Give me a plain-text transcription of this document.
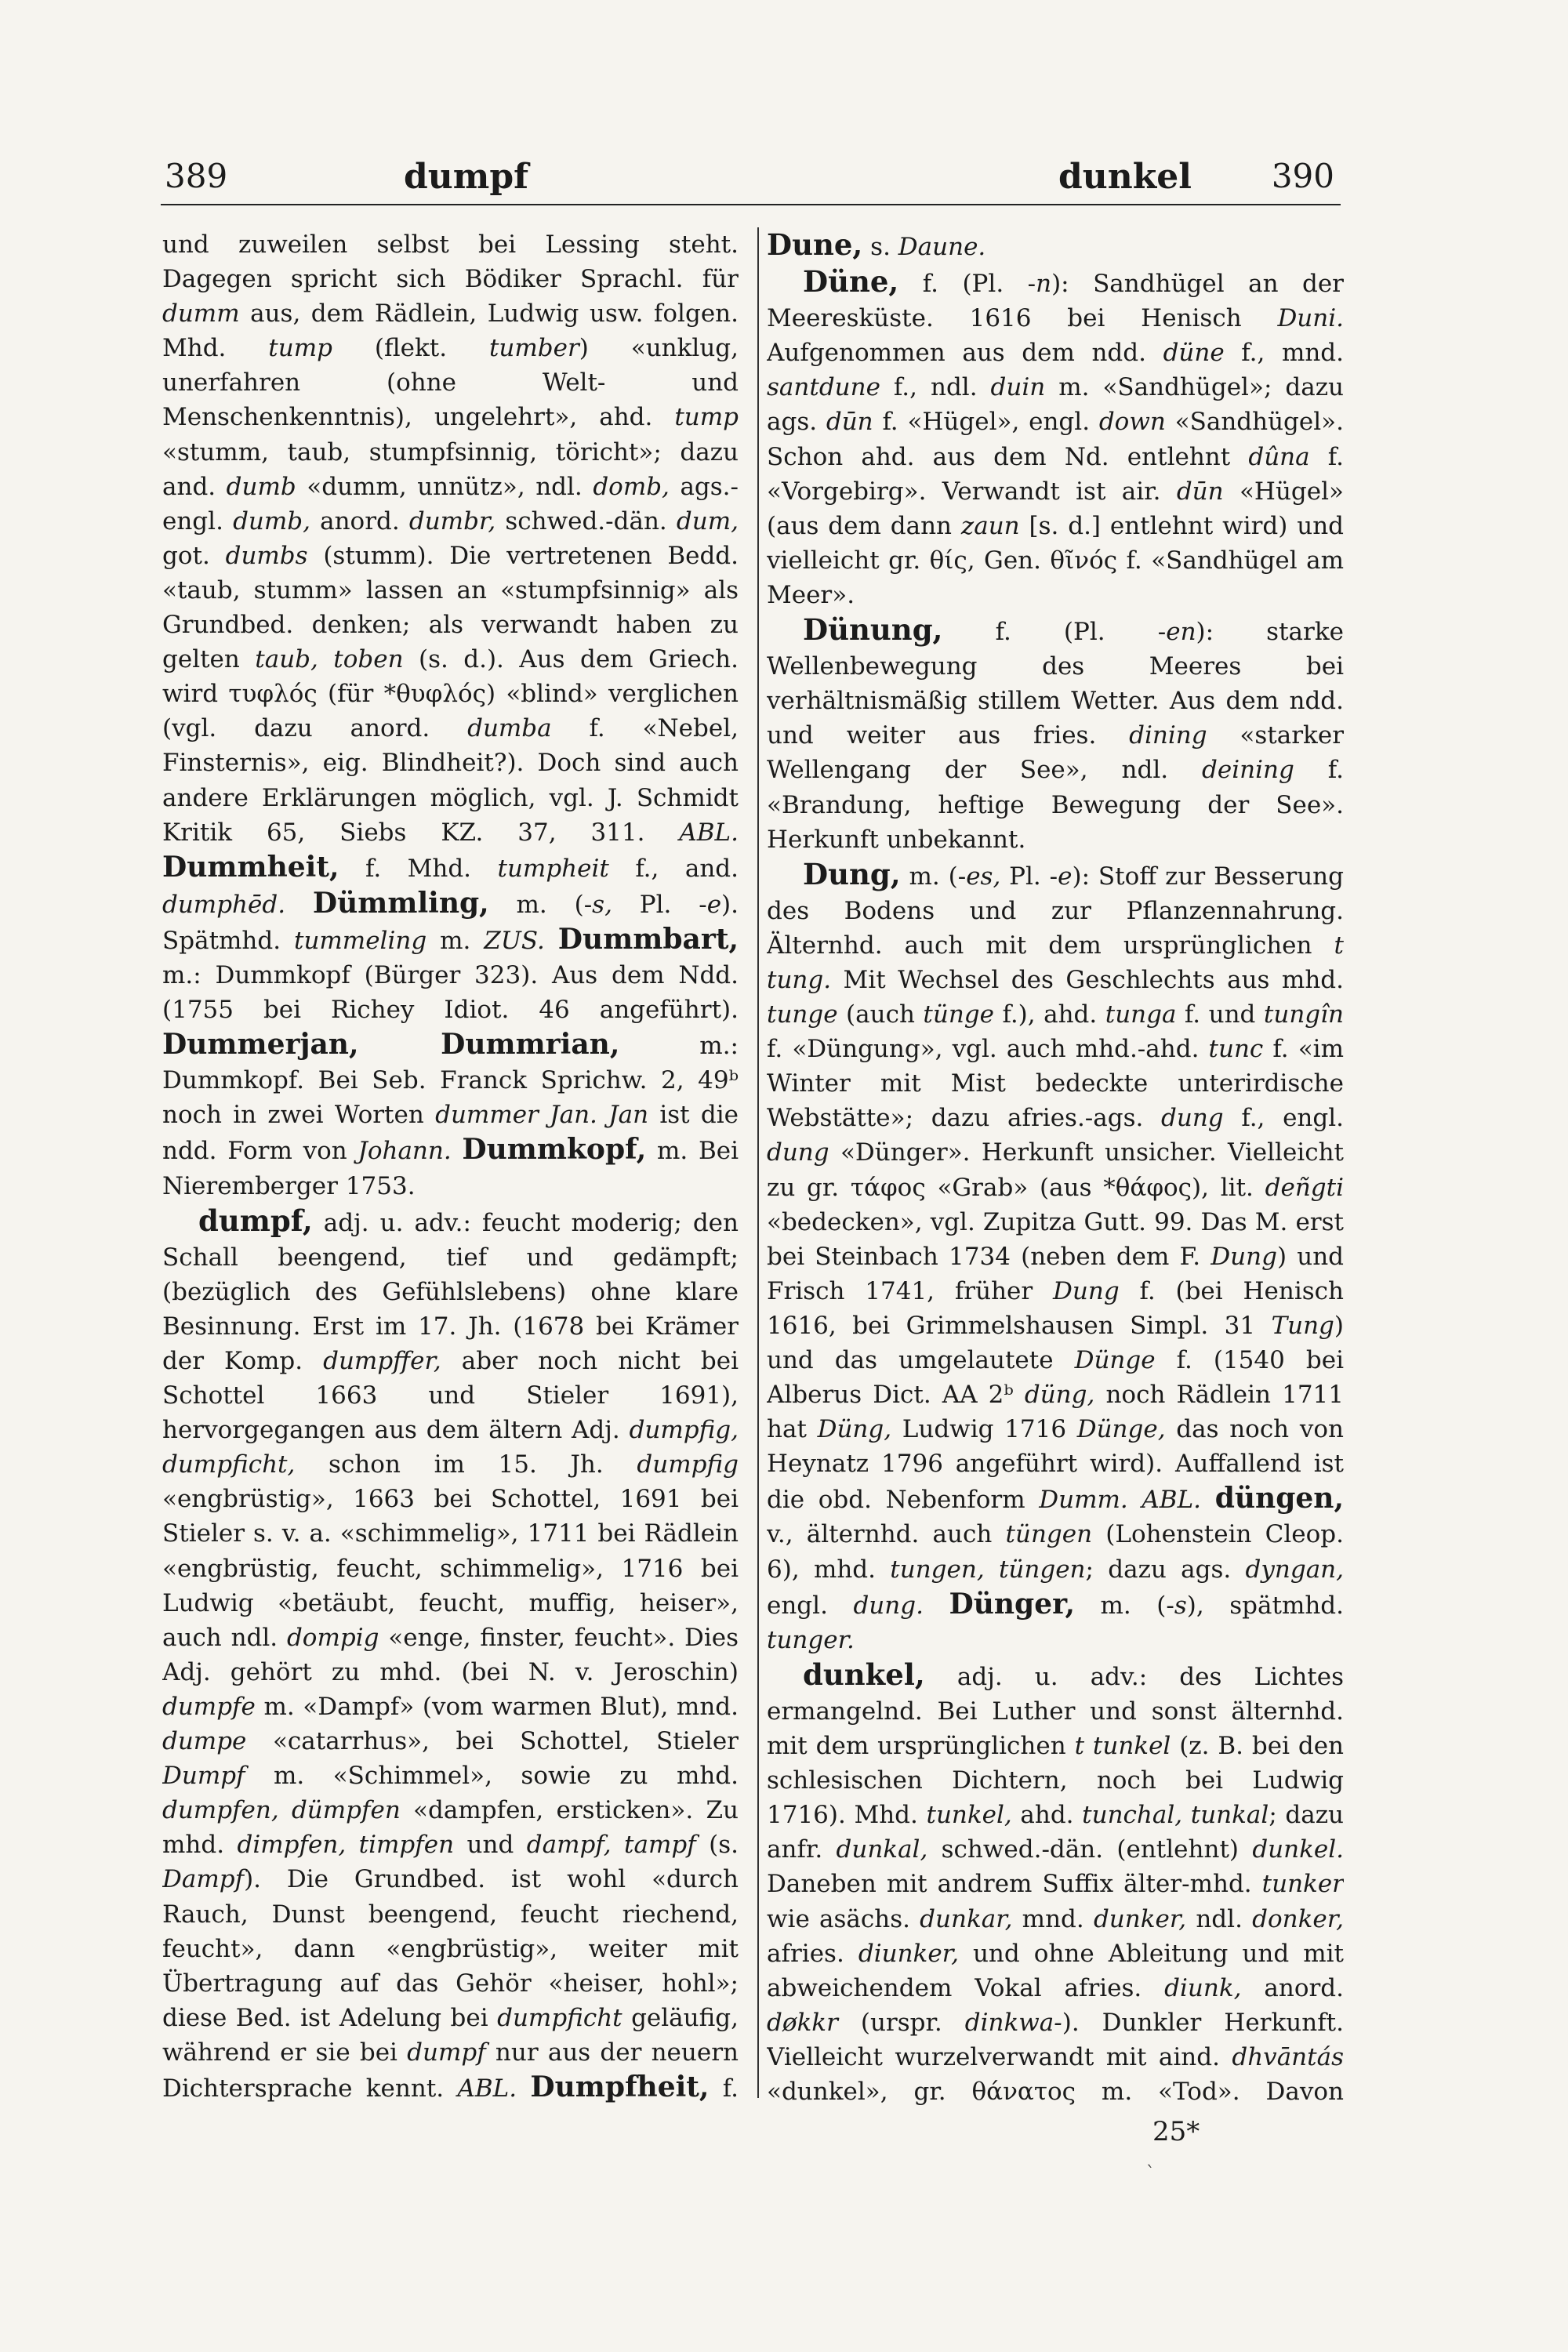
389	dumpf	dunkel 390

und zuweilen selbst bei Lessing steht. Dagegen spricht sich Bödiker Sprachl. für dumm aus, dem Rädlein, Ludwig usw. folgen. Mhd. tump (flekt. tumber) «unklug, unerfahren (ohne Welt- und Menschenkenntnis), ungelehrt», ahd. tump «stumm, taub, stumpfsinnig, töricht»; dazu and. dumb «dumm, unnütz», ndl. domb, ags.-engl. dumb, anord. dumbr, schwed.-dän. dum, got. dumbs (stumm). Die vertretenen Bedd. «taub, stumm» lassen an «stumpfsinnig» als Grundbed. denken; als verwandt haben zu gelten taub, toben (s. d.). Aus dem Griech. wird τυφλός (für *θυφλός) «blind» verglichen (vgl. dazu anord. dumba f. «Nebel, Finsternis», eig. Blindheit?). Doch sind auch andere Erklärungen möglich, vgl. J. Schmidt Kritik 65, Siebs KZ. 37, 311. ABL. Dummheit, f. Mhd. tumpheit f., and. dumphēd. Dümmling, m. (-s, Pl. -e). Spätmhd. tummeling m. ZUS. Dummbart, m.: Dummkopf (Bürger 323). Aus dem Ndd. (1755 bei Richey Idiot. 46 angeführt). Dummerjan, Dummrian, m.: Dummkopf. Bei Seb. Franck Sprichw. 2, 49ᵇ noch in zwei Worten dummer Jan. Jan ist die ndd. Form von Johann. Dummkopf, m. Bei Nieremberger 1753.

dumpf, adj. u. adv.: feucht moderig; den Schall beengend, tief und gedämpft; (bezüglich des Gefühlslebens) ohne klare Besinnung. Erst im 17. Jh. (1678 bei Krämer der Komp. dumpffer, aber noch nicht bei Schottel 1663 und Stieler 1691), hervorgegangen aus dem ältern Adj. dumpfig, dumpficht, schon im 15. Jh. dumpfig «engbrüstig», 1663 bei Schottel, 1691 bei Stieler s. v. a. «schimmelig», 1711 bei Rädlein «engbrüstig, feucht, schimmelig», 1716 bei Ludwig «betäubt, feucht, muffig, heiser», auch ndl. dompig «enge, finster, feucht». Dies Adj. gehört zu mhd. (bei N. v. Jeroschin) dumpfe m. «Dampf» (vom warmen Blut), mnd. dumpe «catarrhus», bei Schottel, Stieler Dumpf m. «Schimmel», sowie zu mhd. dumpfen, dümpfen «dampfen, ersticken». Zu mhd. dimpfen, timpfen und dampf, tampf (s. Dampf). Die Grundbed. ist wohl «durch Rauch, Dunst beengend, feucht riechend, feucht», dann «engbrüstig», weiter mit Übertragung auf das Gehör «heiser, hohl»; diese Bed. ist Adelung bei dumpficht geläufig, während er sie bei dumpf nur aus der neuern Dichtersprache kennt. ABL. Dumpfheit, f.

Dune, s. Daune.

Düne, f. (Pl. -n): Sandhügel an der Meeresküste. 1616 bei Henisch Duni. Aufgenommen aus dem ndd. düne f., mnd. santdune f., ndl. duin m. «Sandhügel»; dazu ags. dūn f. «Hügel», engl. down «Sandhügel». Schon ahd. aus dem Nd. entlehnt dûna f. «Vorgebirg». Verwandt ist air. dūn «Hügel» (aus dem dann zaun [s. d.] entlehnt wird) und vielleicht gr. θίς, Gen. θῖνός f. «Sandhügel am Meer».

Dünung, f. (Pl. -en): starke Wellenbewegung des Meeres bei verhältnismäßig stillem Wetter. Aus dem ndd. und weiter aus fries. dining «starker Wellengang der See», ndl. deining f. «Brandung, heftige Bewegung der See». Herkunft unbekannt.

Dung, m. (-es, Pl. -e): Stoff zur Besserung des Bodens und zur Pflanzennahrung. Älternhd. auch mit dem ursprünglichen t tung. Mit Wechsel des Geschlechts aus mhd. tunge (auch tünge f.), ahd. tunga f. und tungîn f. «Düngung», vgl. auch mhd.-ahd. tunc f. «im Winter mit Mist bedeckte unterirdische Webstätte»; dazu afries.-ags. dung f., engl. dung «Dünger». Herkunft unsicher. Vielleicht zu gr. τάφος «Grab» (aus *θάφος), lit. deñgti «bedecken», vgl. Zupitza Gutt. 99. Das M. erst bei Steinbach 1734 (neben dem F. Dung) und Frisch 1741, früher Dung f. (bei Henisch 1616, bei Grimmelshausen Simpl. 31 Tung) und das umgelautete Dünge f. (1540 bei Alberus Dict. AA 2ᵇ düng, noch Rädlein 1711 hat Düng, Ludwig 1716 Dünge, das noch von Heynatz 1796 angeführt wird). Auffallend ist die obd. Nebenform Dumm. ABL. düngen, v., älternhd. auch tüngen (Lohenstein Cleop. 6), mhd. tungen, tüngen; dazu ags. dyngan, engl. dung. Dünger, m. (-s), spätmhd. tunger.

dunkel, adj. u. adv.: des Lichtes ermangelnd. Bei Luther und sonst älternhd. mit dem ursprünglichen t tunkel (z. B. bei den schlesischen Dichtern, noch bei Ludwig 1716). Mhd. tunkel, ahd. tunchal, tunkal; dazu anfr. dunkal, schwed.-dän. (entlehnt) dunkel. Daneben mit andrem Suffix älter-mhd. tunker wie asächs. dunkar, mnd. dunker, ndl. donker, afries. diunker, und ohne Ableitung und mit abweichendem Vokal afries. diunk, anord. døkkr (urspr. dinkwa-). Dunkler Herkunft. Vielleicht wurzelverwandt mit aind. dhvāntás «dunkel», gr. θάνατος m. «Tod». Davon

25*
ˋ
